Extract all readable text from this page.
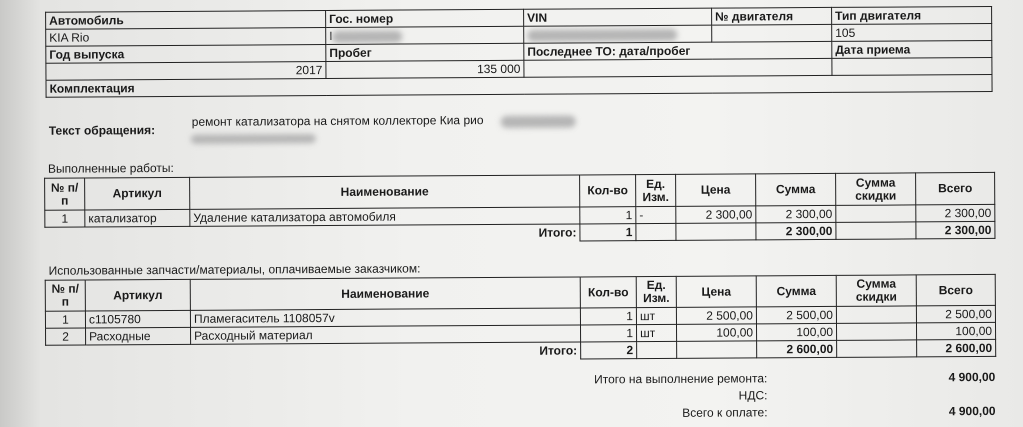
Автомобиль	Гос. номер	VIN	№ двигателя	Тип двигателя
KIA Rio	I			105
Год выпуска	Пробег	Последнее ТО: дата/пробег		Дата приема
2017	135 000			
Комплектация				
Текст обращения:
ремонт катализатора на снятом коллекторе Киа рио
Выполненные работы:
№ п/п	Артикул	Наименование	Кол-во	Ед. Изм.	Цена	Сумма	Сумма скидки	Всего
1	катализатор	Удаление катализатора автомобиля	1	-	2 300,00	2 300,00		2 300,00
Итого:			1			2 300,00		2 300,00
Использованные запчасти/материалы, оплачиваемые заказчиком:
№ п/п	Артикул	Наименование	Кол-во	Ед. Изм.	Цена	Сумма	Сумма скидки	Всего
1	c1105780	Пламегаситель 1108057v	1	шт	2 500,00	2 500,00		2 500,00
2	Расходные	Расходный материал	1	шт	100,00	100,00		100,00
Итого:			2			2 600,00		2 600,00
Итого на выполнение ремонта:	4 900,00
НДС:
Всего к оплате:	4 900,00
